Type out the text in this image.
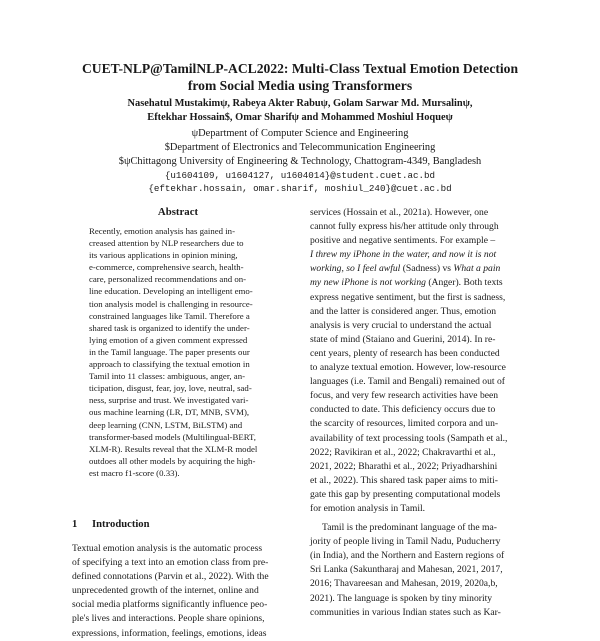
CUET-NLP@TamilNLP-ACL2022: Multi-Class Textual Emotion Detection
from Social Media using Transformers
Nasehatul Mustakimψ, Rabeya Akter Rabuψ, Golam Sarwar Md. Mursalinψ,
Eftekhar Hossain$, Omar Sharifψ and Mohammed Moshiul Hoqueψ
ψDepartment of Computer Science and Engineering
$Department of Electronics and Telecommunication Engineering
$ψChittagong University of Engineering & Technology, Chattogram-4349, Bangladesh
{u1604109, u1604127, u1604014}@student.cuet.ac.bd
{eftekhar.hossain, omar.sharif, moshiul_240}@cuet.ac.bd
Abstract
Recently, emotion analysis has gained in-
creased attention by NLP researchers due to
its various applications in opinion mining,
e-commerce, comprehensive search, health-
care, personalized recommendations and on-
line education. Developing an intelligent emo-
tion analysis model is challenging in resource-
constrained languages like Tamil. Therefore a
shared task is organized to identify the under-
lying emotion of a given comment expressed
in the Tamil language. The paper presents our
approach to classifying the textual emotion in
Tamil into 11 classes: ambiguous, anger, an-
ticipation, disgust, fear, joy, love, neutral, sad-
ness, surprise and trust. We investigated vari-
ous machine learning (LR, DT, MNB, SVM),
deep learning (CNN, LSTM, BiLSTM) and
transformer-based models (Multilingual-BERT,
XLM-R). Results reveal that the XLM-R model
outdoes all other models by acquiring the high-
est macro f1-score (0.33).
1 Introduction
Textual emotion analysis is the automatic process
of specifying a text into an emotion class from pre-
defined connotations (Parvin et al., 2022). With the
unprecedented growth of the internet, online and
social media platforms significantly influence peo-
ple's lives and interactions. People share opinions,
expressions, information, feelings, emotions, ideas
services (Hossain et al., 2021a). However, one
cannot fully express his/her attitude only through
positive and negative sentiments. For example –
I threw my iPhone in the water, and now it is not
working, so I feel awful (Sadness) vs What a pain
my new iPhone is not working (Anger). Both texts
express negative sentiment, but the first is sadness,
and the latter is considered anger. Thus, emotion
analysis is very crucial to understand the actual
state of mind (Staiano and Guerini, 2014). In re-
cent years, plenty of research has been conducted
to analyze textual emotion. However, low-resource
languages (i.e. Tamil and Bengali) remained out of
focus, and very few research activities have been
conducted to date. This deficiency occurs due to
the scarcity of resources, limited corpora and un-
availability of text processing tools (Sampath et al.,
2022; Ravikiran et al., 2022; Chakravarthi et al.,
2021, 2022; Bharathi et al., 2022; Priyadharshini
et al., 2022). This shared task paper aims to miti-
gate this gap by presenting computational models
for emotion analysis in Tamil.
Tamil is the predominant language of the ma-
jority of people living in Tamil Nadu, Puducherry
(in India), and the Northern and Eastern regions of
Sri Lanka (Sakuntharaj and Mahesan, 2021, 2017,
2016; Thavareesan and Mahesan, 2019, 2020a,b,
2021). The language is spoken by tiny minority
communities in various Indian states such as Kar-
